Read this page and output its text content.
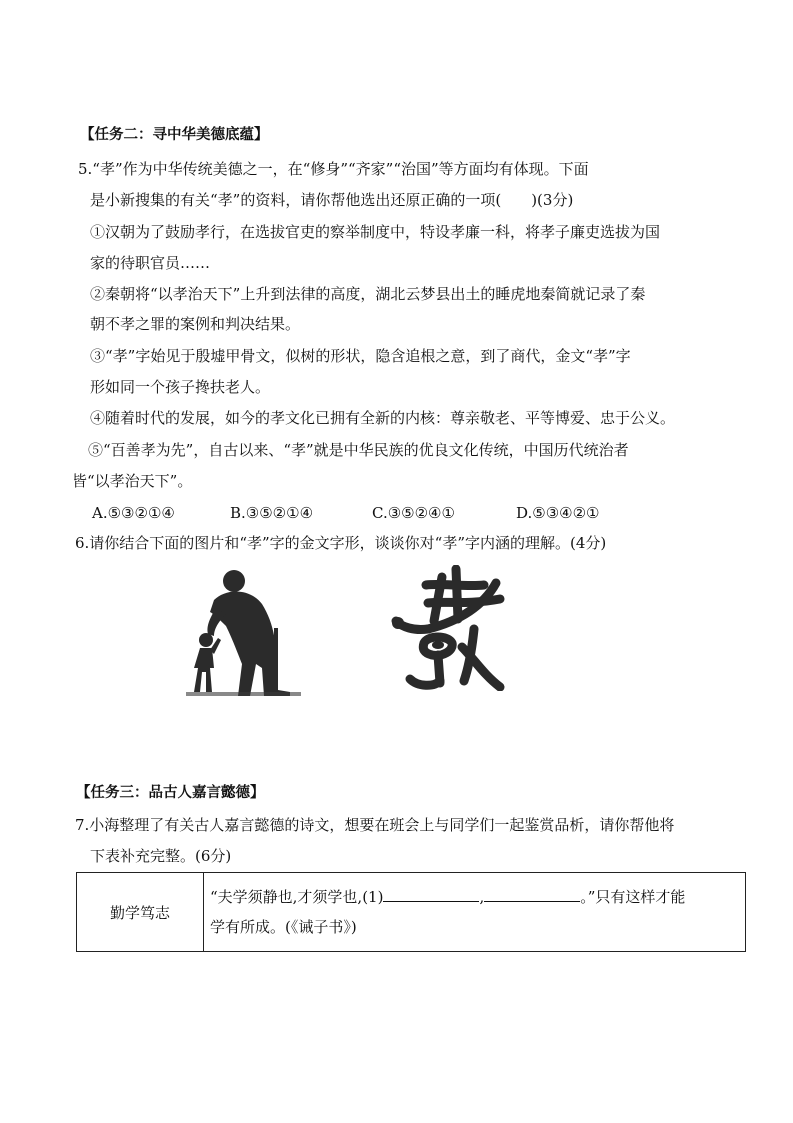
【任务二：寻中华美德底蕴】
5.“孝”作为中华传统美德之一，在“修身”“齐家”“治国”等方面均有体现。下面
是小新搜集的有关“孝”的资料，请你帮他选出还原正确的一项(　　)(3分)
①汉朝为了鼓励孝行，在选拔官吏的察举制度中，特设孝廉一科，将孝子廉吏选拔为国
家的待职官员……
②秦朝将“以孝治天下”上升到法律的高度，湖北云梦县出土的睡虎地秦简就记录了秦
朝不孝之罪的案例和判决结果。
③“孝”字始见于殷墟甲骨文，似树的形状，隐含追根之意，到了商代，金文“孝”字
形如同一个孩子搀扶老人。
④随着时代的发展，如今的孝文化已拥有全新的内核：尊亲敬老、平等博爱、忠于公义。
⑤“百善孝为先”，自古以来、“孝”就是中华民族的优良文化传统，中国历代统治者
皆“以孝治天下”。
A.⑤③②①④	B.③⑤②①④	C.③⑤②④①	D.⑤③④②①
6.请你结合下面的图片和“孝”字的金文字形，谈谈你对“孝”字内涵的理解。(4分)
【任务三：品古人嘉言懿德】
7.小海整理了有关古人嘉言懿德的诗文，想要在班会上与同学们一起鉴赏品析，请你帮他将
下表补充完整。(6分)
勤学笃志	
“夫学须静也,才须学也,(1)	,	。”只有这样才能
学有所成。(《诫子书》)
